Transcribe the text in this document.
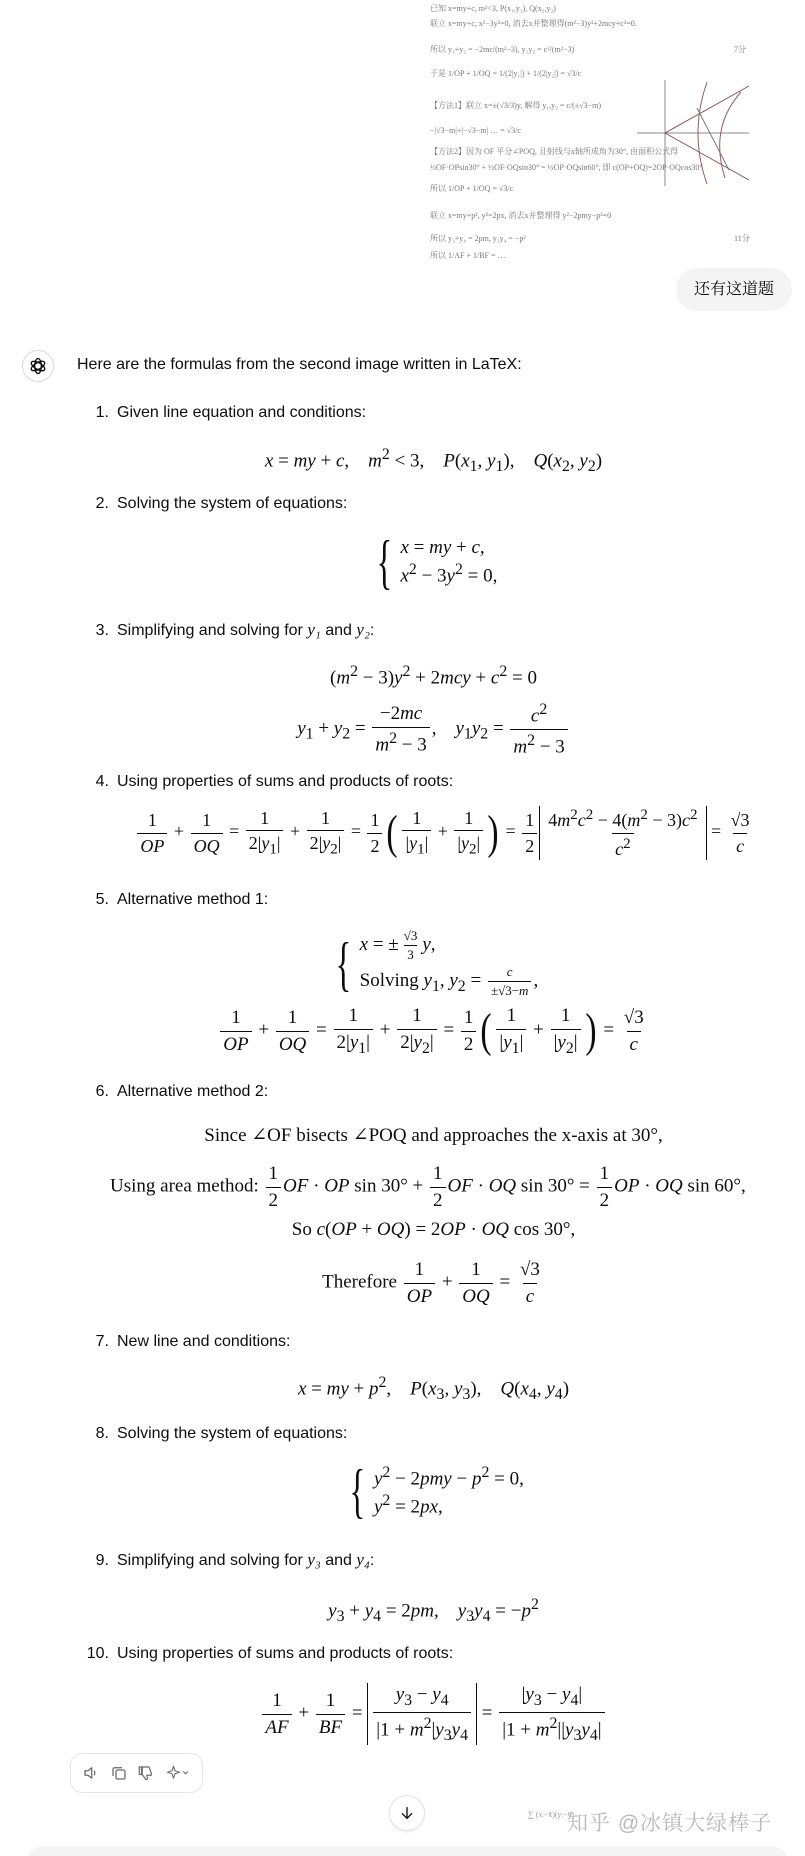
已知 x=my+c, m²<3, P(x₁,y₁), Q(x₂,y₂)
联立 x=my+c, x²−3y²=0, 消去x并整理得(m²−3)y²+2mcy+c²=0.
所以 y₁+y₂ = −2mc/(m²−3), y₁y₂ = c²/(m²−3)	7分
于是 1/OP + 1/OQ = 1/(2|y₁|) + 1/(2|y₂|) = √3/c
【方法1】联立 x=±(√3/3)y, 解得 y₁,y₂ = c/(±√3−m)
−|√3−m|+|−√3−m| … = √3/c
【方法2】因为 OF 平分∠POQ, 且射线与x轴所成角为30°, 由面积公式得
½OF·OPsin30° + ½OF·OQsin30° = ½OP·OQsin60°, 即 c(OP+OQ)=2OP·OQcos30°
所以 1/OP + 1/OQ = √3/c
联立 x=my+p², y²=2px, 消去x并整理得 y²−2pmy−p²=0
所以 y₃+y₄ = 2pm, y₃y₄ = −p²	11分
所以 1/AF + 1/BF = …
还有这道题
Here are the formulas from the second image written in LaTeX:
1. Given line equation and conditions:
x = my + c,    $m^2 < 3$,    $P(x_1$, $y_1$),    $Q(x_2$, $y_2$)
2. Solving the system of equations:
{ x = my + c,
$x^2 - 3y^2 = 0$,
3. Simplifying and solving for y₁ and y₂:
$(m^2 - 3)y^2 + 2mcy + c^2 = 0$
$y_1 + y_2 = \frac{-2mc}{m^2 - 3}$ ,    $y_1y_2 = \frac{c^2}{m^2 - 3}$
4. Using properties of sums and products of roots:
$\frac{1}{OP} + \frac{1}{OQ} = \frac{1}{2|y_1|} + \frac{1}{2|y_2|} = \frac{1}{2}$ ( $\frac{1}{|y_1|} + \frac{1}{|y_2|}$ ) = $\frac{1}{2} \frac{4m^2c^2 - 4(m^2 - 3)c^2}{c^2} = \frac{√3}{c}$
5. Alternative method 1:
{ x = ± $\frac{√3}{3} y$,
Solving $y_1$, $y_2 = \frac{c}{\pm√3-m}$ ,
$\frac{1}{OP} + \frac{1}{OQ} = \frac{1}{2|y_1|} + \frac{1}{2|y_2|} = \frac{1}{2}$ ( $\frac{1}{|y_1|} + \frac{1}{|y_2|}$ ) = $\frac{√3}{c}$
6. Alternative method 2:
Since ∠OF bisects ∠POQ and approaches the x-axis at 30°,
Using area method: $\frac{1}{2}$ OF · OP $\sin 30^\circ + \frac{1}{2}$ OF · OQ $\sin 30^\circ = \frac{1}{2}$ OP · OQ sin 60°,
So c(OP + OQ) = 2OP · OQ cos 30°,
Therefore $\frac{1}{OP} + \frac{1}{OQ} = \frac{√3}{c}$
7. New line and conditions:
x = my + $p^2$,    $P(x_3$, $y_3$),    $Q(x_4$, $y_4$)
8. Solving the system of equations:
{ $y^2 - 2pmy - p^2 = 0$,
$y^2 = 2px$,
9. Simplifying and solving for y₃ and y₄:
$y_3 + y_4 = 2pm$,    $y_3y_4 = -p^2$
10. Using properties of sums and products of roots:
$\frac{1}{AF} + \frac{1}{BF} = \frac{y_3 - y_4}{|1 + m^2|y_3y_4} = \frac{|y_3 - y_4|}{|1 + m^2||y_3y_4|}$
∑ (xᵢ−x̄)(yᵢ−ȳ)
知乎 @冰镇大绿棒子
